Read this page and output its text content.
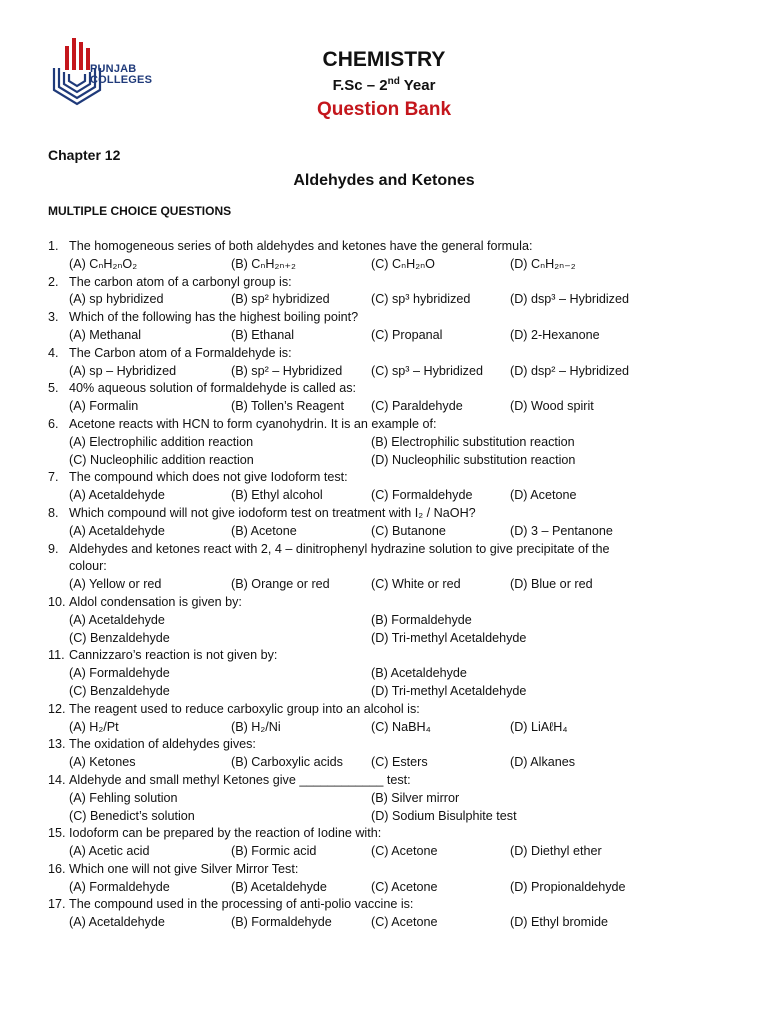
PUNJAB
COLLEGES
CHEMISTRY
F.Sc – 2nd Year
Question Bank
Chapter 12
Aldehydes and Ketones
MULTIPLE CHOICE QUESTIONS
1. The homogeneous series of both aldehydes and ketones have the general formula:
(A) CₙH₂ₙO₂	(B) CₙH₂ₙ₊₂	(C) CₙH₂ₙO	(D) CₙH₂ₙ₋₂
2. The carbon atom of a carbonyl group is:
(A) sp hybridized	(B) sp² hybridized	(C) sp³ hybridized	(D) dsp³ – Hybridized
3. Which of the following has the highest boiling point?
(A) Methanal	(B) Ethanal	(C) Propanal	(D) 2-Hexanone
4. The Carbon atom of a Formaldehyde is:
(A) sp – Hybridized	(B) sp² – Hybridized	(C) sp³ – Hybridized	(D) dsp² – Hybridized
5. 40% aqueous solution of formaldehyde is called as:
(A) Formalin	(B) Tollen’s Reagent	(C) Paraldehyde	(D) Wood spirit
6. Acetone reacts with HCN to form cyanohydrin. It is an example of:
(A) Electrophilic addition reaction	(B) Electrophilic substitution reaction
(C) Nucleophilic addition reaction	(D) Nucleophilic substitution reaction
7. The compound which does not give Iodoform test:
(A) Acetaldehyde	(B) Ethyl alcohol	(C) Formaldehyde	(D) Acetone
8. Which compound will not give iodoform test on treatment with I₂ / NaOH?
(A) Acetaldehyde	(B) Acetone	(C) Butanone	(D) 3 – Pentanone
9. Aldehydes and ketones react with 2, 4 – dinitrophenyl hydrazine solution to give precipitate of the
colour:
(A) Yellow or red	(B) Orange or red	(C) White or red	(D) Blue or red
10. Aldol condensation is given by:
(A) Acetaldehyde	(B) Formaldehyde
(C) Benzaldehyde	(D) Tri-methyl Acetaldehyde
11. Cannizzaro’s reaction is not given by:
(A) Formaldehyde	(B) Acetaldehyde
(C) Benzaldehyde	(D) Tri-methyl Acetaldehyde
12. The reagent used to reduce carboxylic group into an alcohol is:
(A) H₂/Pt	(B) H₂/Ni	(C) NaBH₄	(D) LiAℓH₄
13. The oxidation of aldehydes gives:
(A) Ketones	(B) Carboxylic acids	(C) Esters	(D) Alkanes
14. Aldehyde and small methyl Ketones give ____________ test:
(A) Fehling solution	(B) Silver mirror
(C) Benedict’s solution	(D) Sodium Bisulphite test
15. Iodoform can be prepared by the reaction of Iodine with:
(A) Acetic acid	(B) Formic acid	(C) Acetone	(D) Diethyl ether
16. Which one will not give Silver Mirror Test:
(A) Formaldehyde	(B) Acetaldehyde	(C) Acetone	(D) Propionaldehyde
17. The compound used in the processing of anti-polio vaccine is:
(A) Acetaldehyde	(B) Formaldehyde	(C) Acetone	(D) Ethyl bromide
